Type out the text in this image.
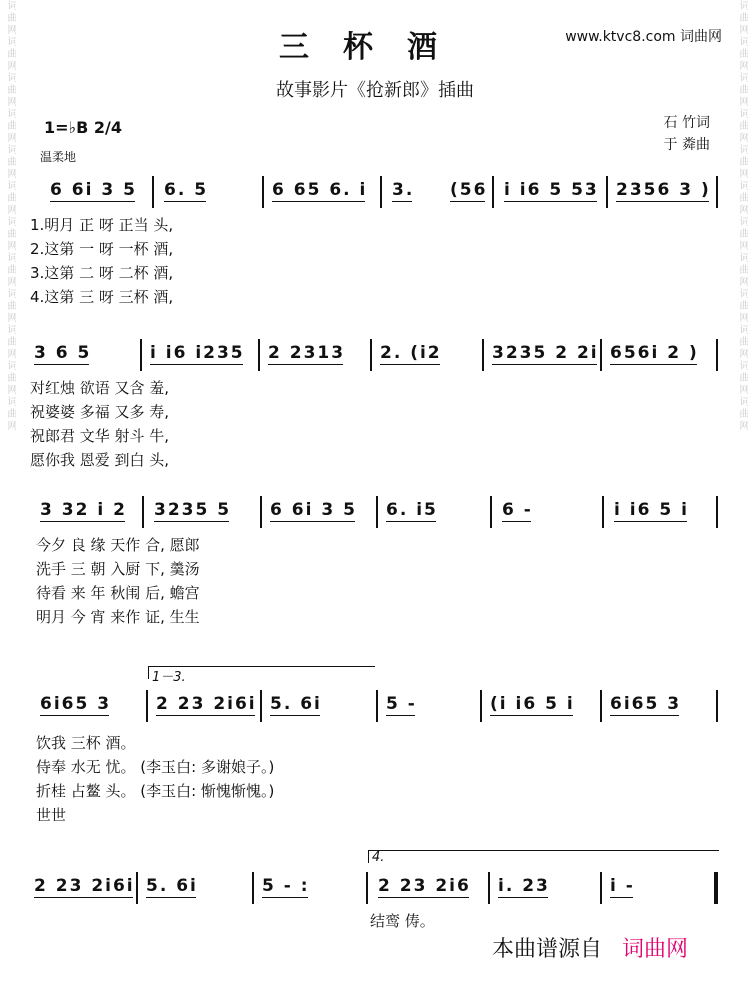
词曲网词曲网词曲网词曲网词曲网词曲网词曲网词曲网词曲网词曲网词曲网词曲网	词曲网词曲网词曲网词曲网词曲网词曲网词曲网词曲网词曲网词曲网词曲网词曲网
www.ktvc8.com 词曲网
三杯酒
故事影片《抢新郎》插曲
石 竹词
于 粦曲
1=♭B 2/4
温柔地
6 6i 3 5 6. 5	6 65 6. i 3. (56 i i6 5 53 2356 3 )
1.明月 正 呀 正当 头,
2.这第 一 呀 一杯 酒,
3.这第 二 呀 二杯 酒,
4.这第 三 呀 三杯 酒,
3 6 5	i i6 i235 2 2313 2. (i2	3235 2 2i 656i 2 )
对红烛 欲语 又含 羞,
祝婆婆 多福 又多 寿,
祝郎君 文华 射斗 牛,
愿你我 恩爱 到白 头,
3 32 i 2 3235 5 6 6i 3 5 6. i5	6 -	i i6 5 i
今夕 良 缘 天作 合, 愿郎
洗手 三 朝 入厨 下, 羹汤
待看 来 年 秋闱 后, 蟾宫
明月 今 宵 来作 证, 生生
1－3.
6i65 3	2 23 2i6i 5. 6i	5 -	(i i6 5 i 6i65 3
饮我 三杯 酒。
侍奉 水无 忧。 (李玉白: 多谢娘子。)
折桂 占鳌 头。 (李玉白: 惭愧惭愧。)
世世
4.
2 23 2i6i 5. 6i	5 - :	2 23 2i6 i. 23	i -
结鸾 俦。
本曲谱源自 词曲网
